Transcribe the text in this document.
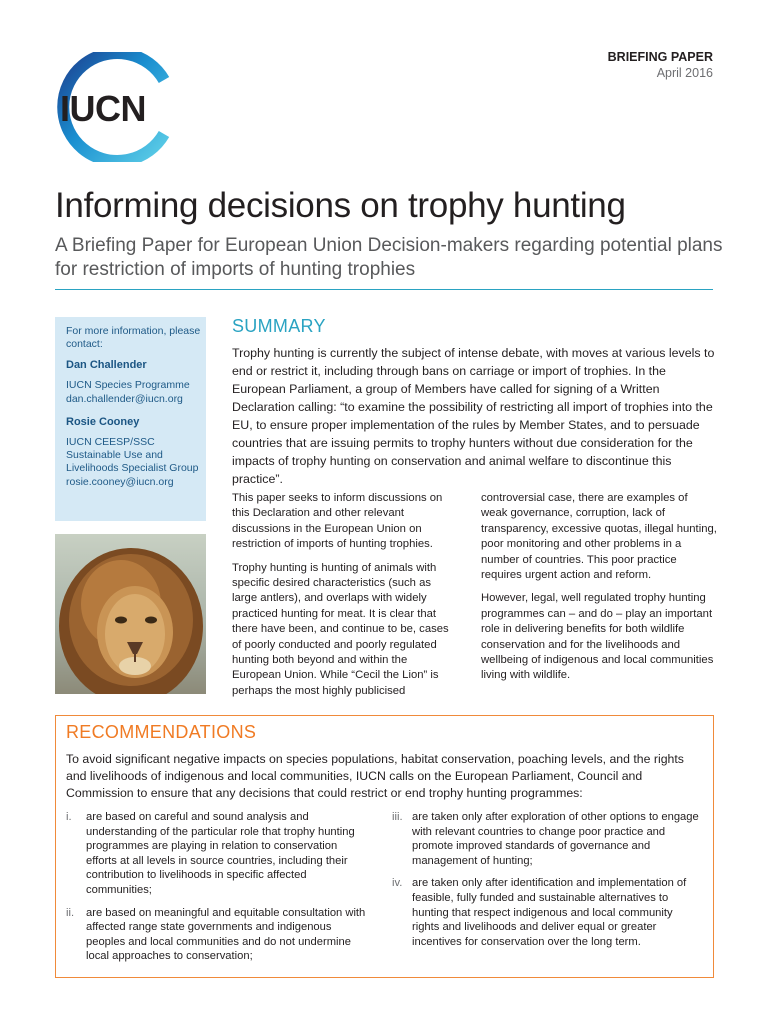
IUCN
BRIEFING PAPER
April 2016
Informing decisions on trophy hunting
A Briefing Paper for European Union Decision-makers regarding potential plans for restriction of imports of hunting trophies
For more information, please contact:
Dan Challender
IUCN Species Programme
dan.challender@iucn.org
Rosie Cooney
IUCN CEESP/SSC Sustainable Use and Livelihoods Specialist Group
rosie.cooney@iucn.org
SUMMARY
Trophy hunting is currently the subject of intense debate, with moves at various levels to end or restrict it, including through bans on carriage or import of trophies. In the European Parliament, a group of Members have called for signing of a Written Declaration calling: “to examine the possibility of restricting all import of trophies into the EU, to ensure proper implementation of the rules by Member States, and to persuade countries that are issuing permits to trophy hunters without due consideration for the impacts of trophy hunting on conservation and animal welfare to discontinue this practice”.

This paper seeks to inform discussions on this Declaration and other relevant discussions in the European Union on restriction of imports of hunting trophies.

Trophy hunting is hunting of animals with specific desired characteristics (such as large antlers), and overlaps with widely practiced hunting for meat. It is clear that there have been, and continue to be, cases of poorly conducted and poorly regulated hunting both beyond and within the European Union. While “Cecil the Lion” is perhaps the most highly publicised

controversial case, there are examples of weak governance, corruption, lack of transparency, excessive quotas, illegal hunting, poor monitoring and other problems in a number of countries. This poor practice requires urgent action and reform.

However, legal, well regulated trophy hunting programmes can – and do – play an important role in delivering benefits for both wildlife conservation and for the livelihoods and wellbeing of indigenous and local communities living with wildlife.

RECOMMENDATIONS
To avoid significant negative impacts on species populations, habitat conservation, poaching levels, and the rights and livelihoods of indigenous and local communities, IUCN calls on the European Parliament, Council and Commission to ensure that any decisions that could restrict or end trophy hunting programmes:
i. are based on careful and sound analysis and understanding of the particular role that trophy hunting programmes are playing in relation to conservation efforts at all levels in source countries, including their contribution to livelihoods in specific affected communities;
ii. are based on meaningful and equitable consultation with affected range state governments and indigenous peoples and local communities and do not undermine local approaches to conservation;
iii. are taken only after exploration of other options to engage with relevant countries to change poor practice and promote improved standards of governance and management of hunting;
iv. are taken only after identification and implementation of feasible, fully funded and sustainable alternatives to hunting that respect indigenous and local community rights and livelihoods and deliver equal or greater incentives for conservation over the long term.
